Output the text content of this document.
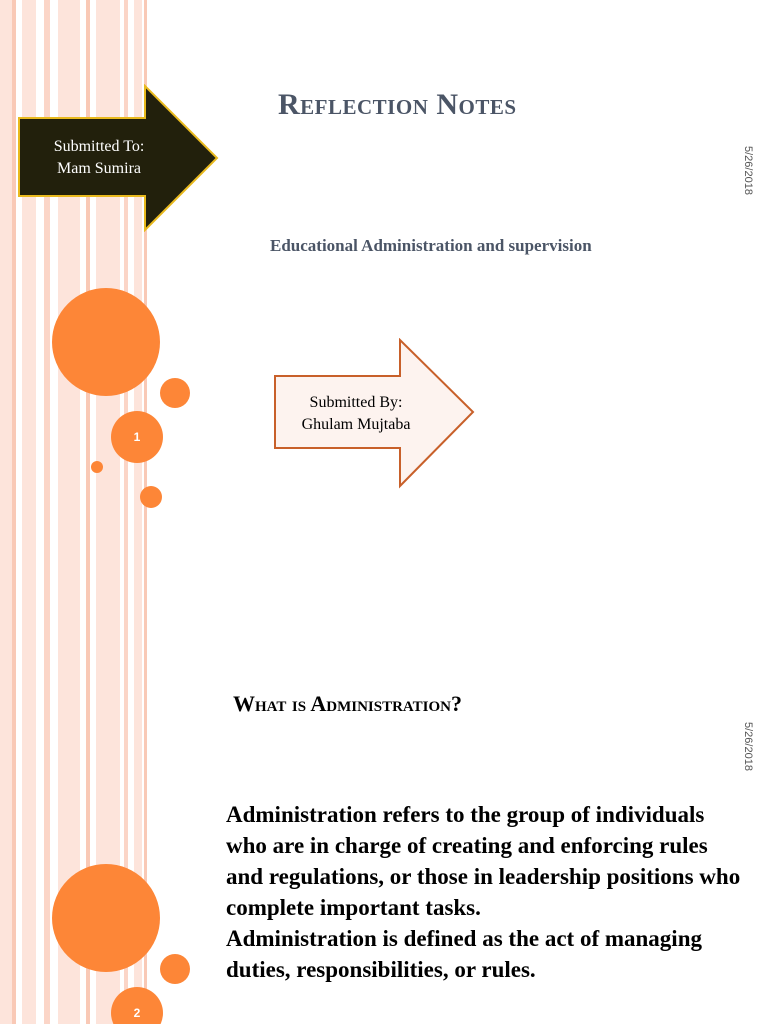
5/26/2018
Reflection Notes
Educational Administration and supervision
Submitted To:
Mam Sumira
Submitted By:
Ghulam Mujtaba
1
5/26/2018
What is Administration?

Administration refers to the group of individuals who are in charge of creating and enforcing rules and regulations, or those in leadership positions who complete important tasks.

Administration is defined as the act of managing duties, responsibilities, or rules.

2
